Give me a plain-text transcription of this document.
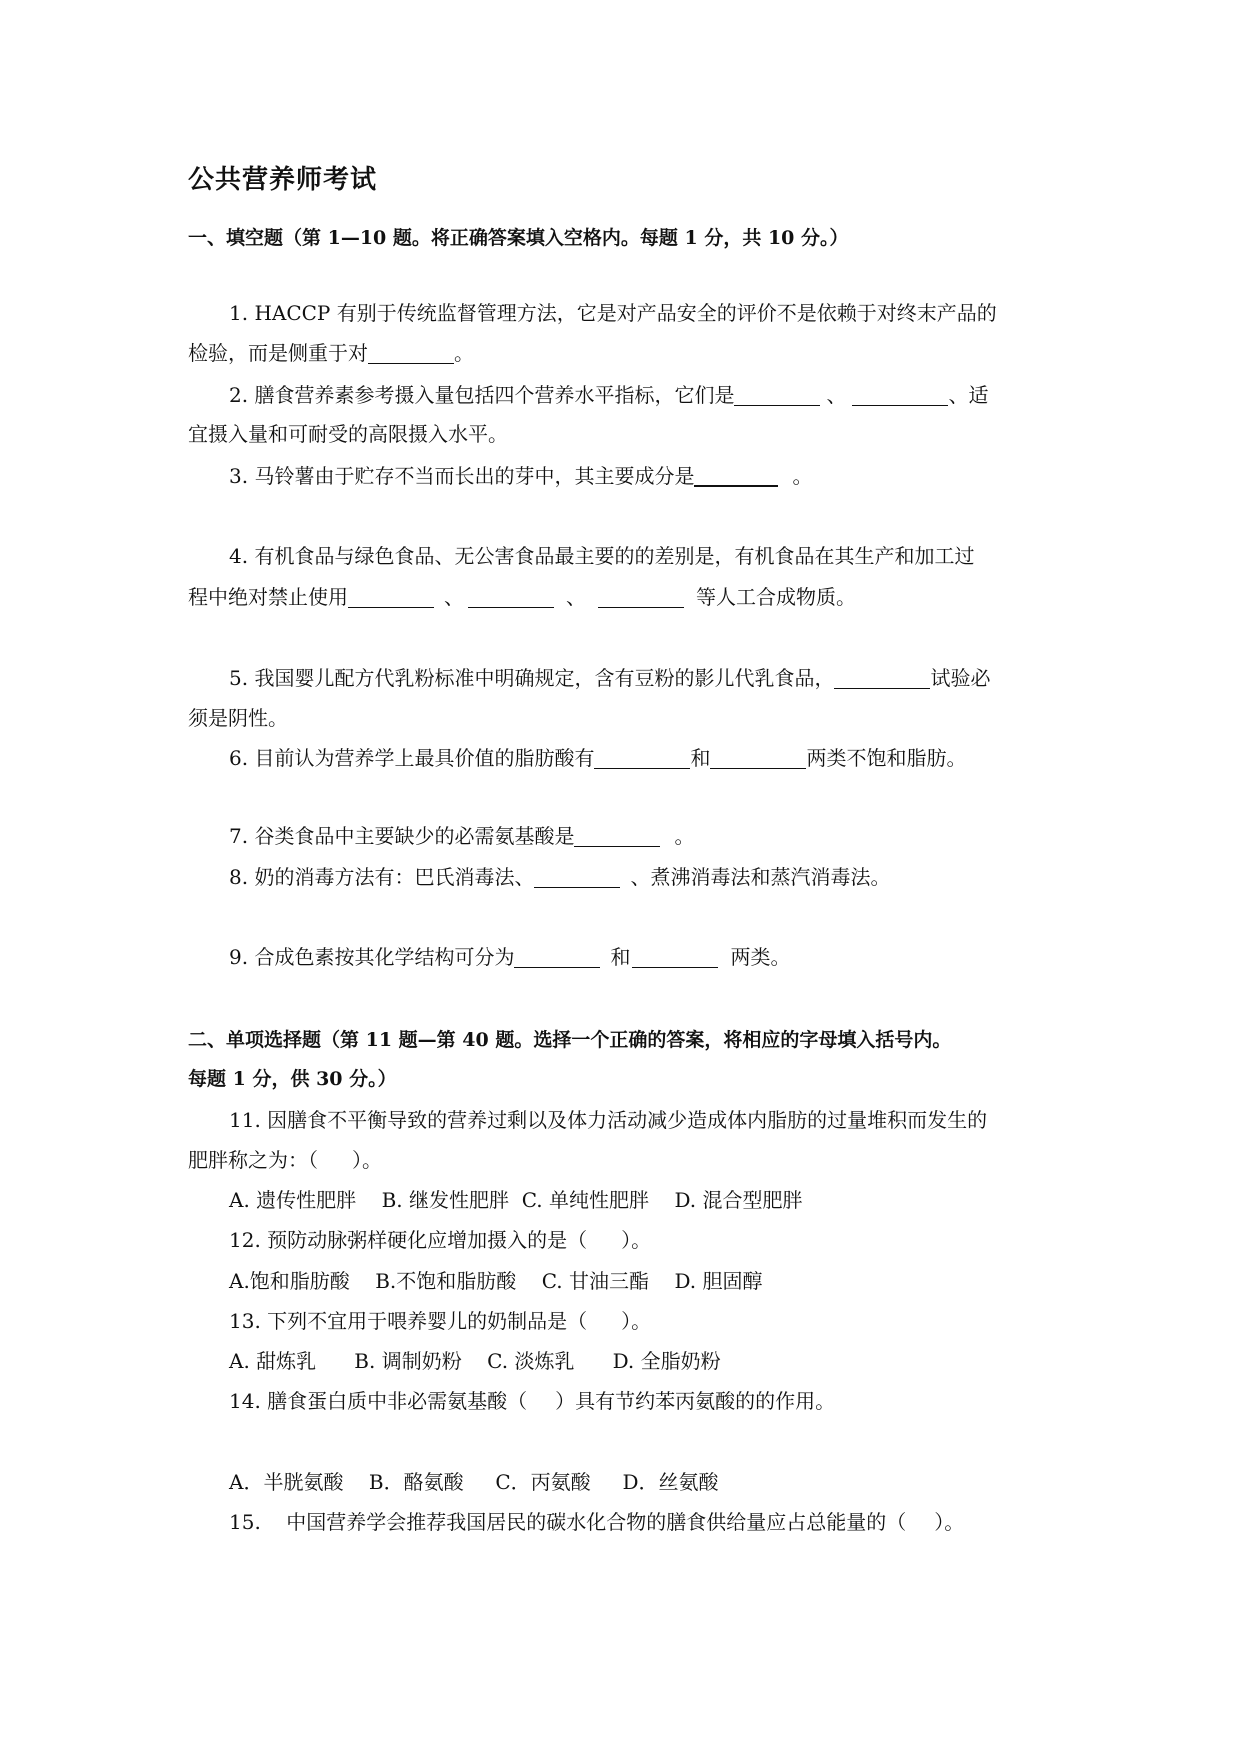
公共营养师考试
一、填空题（第 1—10 题。将正确答案填入空格内。每题 1 分，共 10 分。）
1. HACCP 有别于传统监督管理方法，它是对产品安全的评价不是依赖于对终末产品的
检验，而是侧重于对	。
2. 膳食营养素参考摄入量包括四个营养水平指标，它们是	、	、适
宜摄入量和可耐受的高限摄入水平。
3. 马铃薯由于贮存不当而长出的芽中，其主要成分是	。
4. 有机食品与绿色食品、无公害食品最主要的的差别是，有机食品在其生产和加工过
程中绝对禁止使用	、	、	等人工合成物质。
5. 我国婴儿配方代乳粉标准中明确规定，含有豆粉的影儿代乳食品，	试验必
须是阴性。
6. 目前认为营养学上最具价值的脂肪酸有	和	两类不饱和脂肪。
7. 谷类食品中主要缺少的必需氨基酸是	。
8. 奶的消毒方法有：巴氏消毒法、	、煮沸消毒法和蒸汽消毒法。
9. 合成色素按其化学结构可分为	和	两类。
二、单项选择题（第 11 题—第 40 题。选择一个正确的答案，将相应的字母填入括号内。
每题 1 分，供 30 分。）
11. 因膳食不平衡导致的营养过剩以及体力活动减少造成体内脂肪的过量堆积而发生的
肥胖称之为：（ ）。
A. 遗传性肥胖    B. 继发性肥胖  C. 单纯性肥胖    D. 混合型肥胖
12. 预防动脉粥样硬化应增加摄入的是（ ）。
A.饱和脂肪酸    B.不饱和脂肪酸    C. 甘油三酯    D. 胆固醇
13. 下列不宜用于喂养婴儿的奶制品是（ ）。
A. 甜炼乳      B. 调制奶粉    C. 淡炼乳      D. 全脂奶粉
14. 膳食蛋白质中非必需氨基酸（ ）具有节约苯丙氨酸的的作用。
A．半胱氨酸    B．酪氨酸     C．丙氨酸     D．丝氨酸
15.    中国营养学会推荐我国居民的碳水化合物的膳食供给量应占总能量的（ ）。
